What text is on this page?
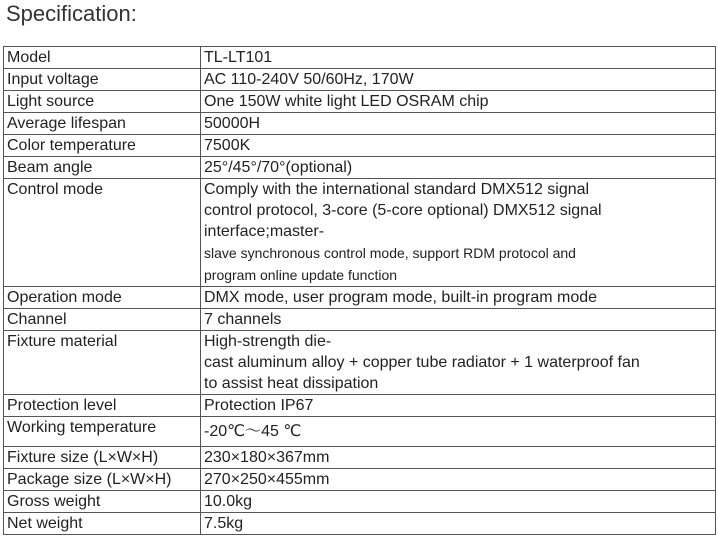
Specification:
Model	TL-LT101
Input voltage	AC 110-240V 50/60Hz, 170W
Light source	One 150W white light LED OSRAM chip
Average lifespan	50000H
Color temperature	7500K
Beam angle	25°/45°/70°(optional)
Control mode	Comply with the international standard DMX512 signal
control protocol, 3-core (5-core optional) DMX512 signal
interface;master-
slave synchronous control mode, support RDM protocol and
program online update function

Operation mode	DMX mode, user program mode, built-in program mode
Channel	7 channels
Fixture material	High-strength die-
cast aluminum alloy + copper tube radiator + 1 waterproof fan
to assist heat dissipation

Protection level	Protection IP67
Working temperature	-20℃～45 ℃
Fixture size (L×W×H)	230×180×367mm
Package size (L×W×H)	270×250×455mm
Gross weight	10.0kg
Net weight	7.5kg
